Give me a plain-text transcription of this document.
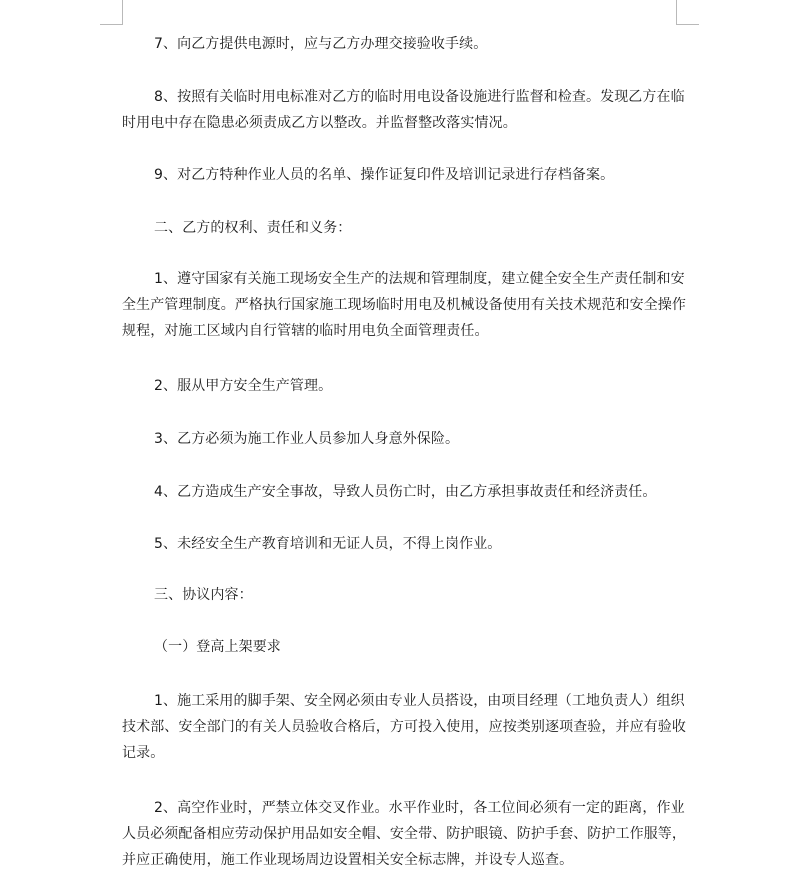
7、向乙方提供电源时，应与乙方办理交接验收手续。
8、按照有关临时用电标准对乙方的临时用电设备设施进行监督和检查。发现乙方在临
时用电中存在隐患必须责成乙方以整改。并监督整改落实情况。
9、对乙方特种作业人员的名单、操作证复印件及培训记录进行存档备案。
二、乙方的权利、责任和义务：
1、遵守国家有关施工现场安全生产的法规和管理制度，建立健全安全生产责任制和安
全生产管理制度。严格执行国家施工现场临时用电及机械设备使用有关技术规范和安全操作
规程，对施工区域内自行管辖的临时用电负全面管理责任。
2、服从甲方安全生产管理。
3、乙方必须为施工作业人员参加人身意外保险。
4、乙方造成生产安全事故，导致人员伤亡时，由乙方承担事故责任和经济责任。
5、未经安全生产教育培训和无证人员，不得上岗作业。
三、协议内容：
（一）登高上架要求
1、施工采用的脚手架、安全网必须由专业人员搭设，由项目经理（工地负责人）组织
技术部、安全部门的有关人员验收合格后，方可投入使用，应按类别逐项查验，并应有验收
记录。
2、高空作业时，严禁立体交叉作业。水平作业时，各工位间必须有一定的距离，作业
人员必须配备相应劳动保护用品如安全帽、安全带、防护眼镜、防护手套、防护工作服等，
并应正确使用，施工作业现场周边设置相关安全标志牌，并设专人巡查。
